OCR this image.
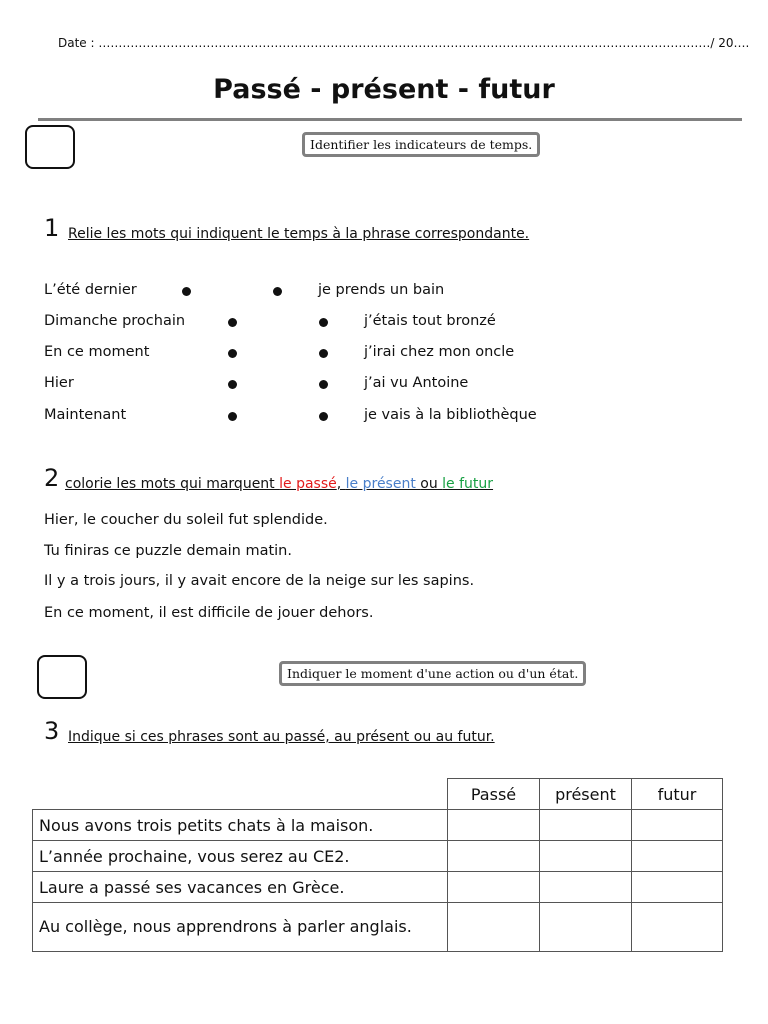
Date : ………………………………………………………………………………………………………………………………………/ 20….
Passé - présent - futur
Identifier les indicateurs de temps.
1 Relie les mots qui indiquent le temps à la phrase correspondante.
L’été dernier
Dimanche prochain
En ce moment
Hier
Maintenant
je prends un bain
j’étais tout bronzé
j’irai chez mon oncle
j’ai vu Antoine
je vais à la bibliothèque
2 colorie les mots qui marquent le passé, le présent ou le futur
Hier, le coucher du soleil fut splendide.
Tu finiras ce puzzle demain matin.
Il y a trois jours, il y avait encore de la neige sur les sapins.
En ce moment, il est difficile de jouer dehors.
Indiquer le moment d'une action ou d'un état.
3 Indique si ces phrases sont au passé, au présent ou au futur.
	Passé	présent	futur
Nous avons trois petits chats à la maison.			
L’année prochaine, vous serez au CE2.			
Laure a passé ses vacances en Grèce.			
Au collège, nous apprendrons à parler anglais.			
